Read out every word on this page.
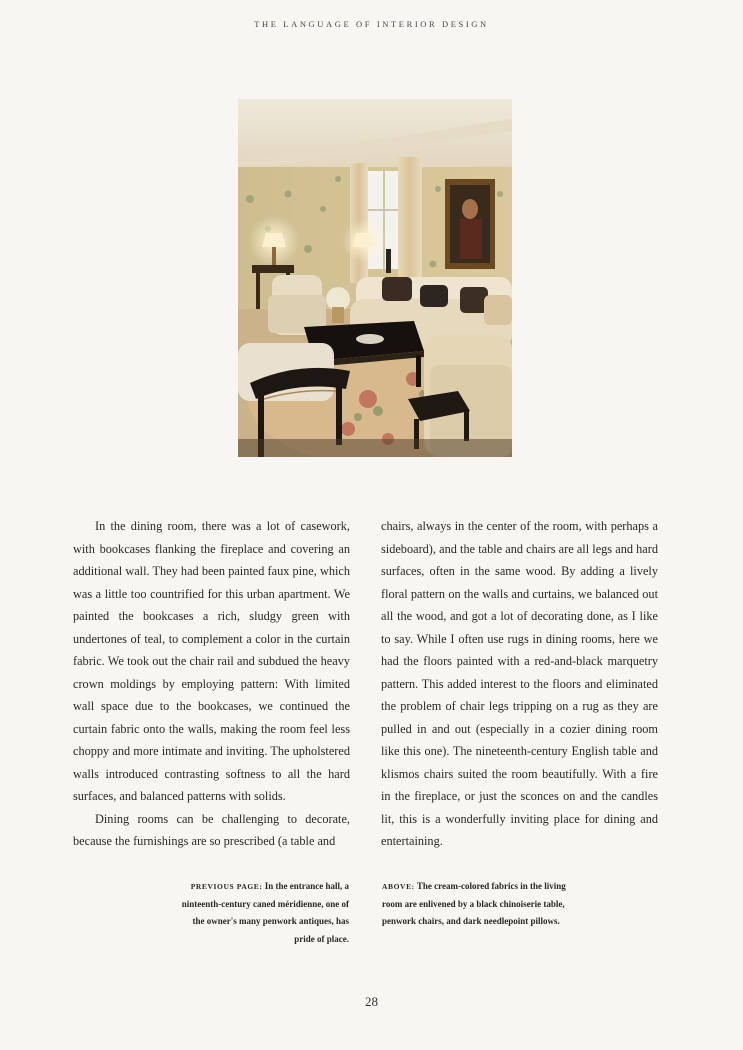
THE LANGUAGE OF INTERIOR DESIGN

In the dining room, there was a lot of casework, with bookcases flanking the fireplace and covering an additional wall. They had been painted faux pine, which was a little too countrified for this urban apartment. We painted the bookcases a rich, sludgy green with undertones of teal, to complement a color in the curtain fabric. We took out the chair rail and subdued the heavy crown moldings by employing pattern: With limited wall space due to the bookcases, we continued the curtain fabric onto the walls, making the room feel less choppy and more intimate and inviting. The upholstered walls introduced contrasting softness to all the hard surfaces, and balanced patterns with solids.

Dining rooms can be challenging to decorate, because the furnishings are so prescribed (a table and

chairs, always in the center of the room, with perhaps a sideboard), and the table and chairs are all legs and hard surfaces, often in the same wood. By adding a lively floral pattern on the walls and curtains, we balanced out all the wood, and got a lot of decorating done, as I like to say. While I often use rugs in dining rooms, here we had the floors painted with a red-and-black marquetry pattern. This added interest to the floors and eliminated the problem of chair legs tripping on a rug as they are pulled in and out (especially in a cozier dining room like this one). The nineteenth-century English table and klismos chairs suited the room beautifully. With a fire in the fireplace, or just the sconces on and the candles lit, this is a wonderfully inviting place for dining and entertaining.

PREVIOUS PAGE: In the entrance hall, a ninteenth-century caned méridienne, one of the owner's many penwork antiques, has pride of place.
ABOVE: The cream-colored fabrics in the living room are enlivened by a black chinoiserie table, penwork chairs, and dark needlepoint pillows.
28
